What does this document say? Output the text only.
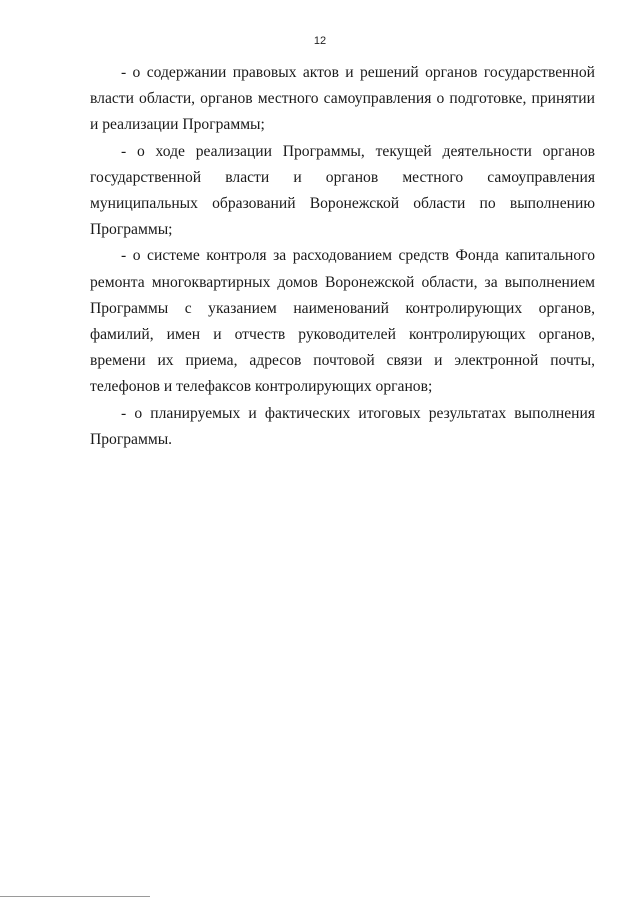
12

- о содержании правовых актов и решений органов государственной власти области, органов местного самоуправления о подготовке, принятии и реализации Программы;

- о ходе реализации Программы, текущей деятельности органов государственной власти и органов местного самоуправления муниципальных образований Воронежской области по выполнению Программы;

- о системе контроля за расходованием средств Фонда капитального ремонта многоквартирных домов Воронежской области, за выполнением Программы с указанием наименований контролирующих органов, фамилий, имен и отчеств руководителей контролирующих органов, времени их приема, адресов почтовой связи и электронной почты, телефонов и телефаксов контролирующих органов;

- о планируемых и фактических итоговых результатах выполнения Программы.
